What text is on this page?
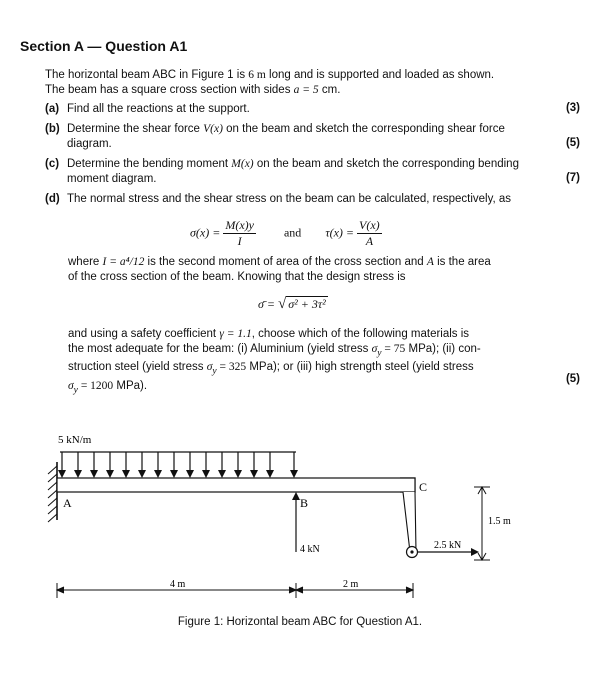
Section A — Question A1
The horizontal beam ABC in Figure 1 is 6 m long and is supported and loaded as shown.
The beam has a square cross section with sides a = 5 cm.
(a) Find all the reactions at the support.	(3)
(b) Determine the shear force V(x) on the beam and sketch the corresponding shear force diagram.	(5)
(c) Determine the bending moment M(x) on the beam and sketch the corresponding bending moment diagram.	(7)
(d) The normal stress and the shear stress on the beam can be calculated, respectively, as
$\sigma(x) = \frac{M(x)y}{I}$ and $\tau(x) = \frac{V(x)}{A}$
where I = a⁴/12 is the second moment of area of the cross section and A is the area
of the cross section of the beam. Knowing that the design stress is
σ̄ = √ σ² + 3τ²
and using a safety coefficient γ = 1.1, choose which of the following materials is
the most adequate for the beam: (i) Aluminium (yield stress $\sigma_y = 75$ MPa); (ii) con-
struction steel (yield stress $\sigma_y = 325$ MPa); or (iii) high strength steel (yield stress
$\sigma_y = 1200$ MPa).
(5)
5 kN/m
A	B
C
4 kN	2.5 kN
1.5 m
4 m	2 m
Figure 1: Horizontal beam ABC for Question A1.
